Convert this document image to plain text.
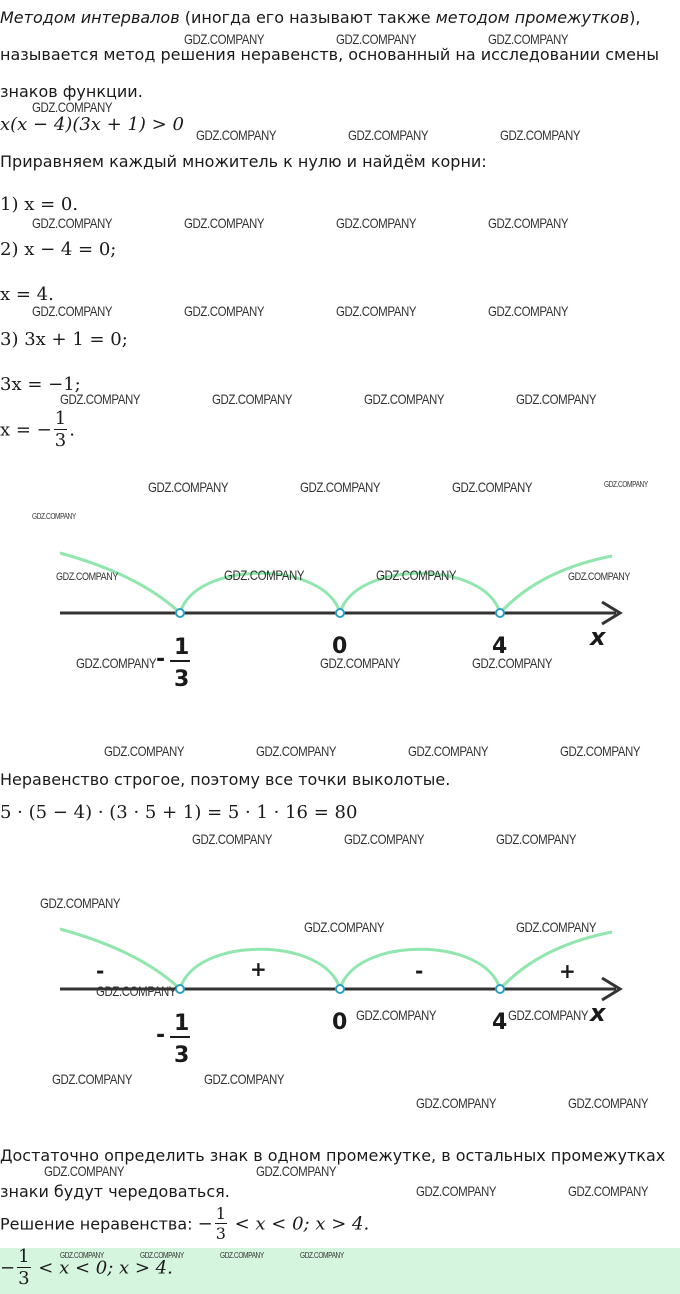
Методом интервалов (иногда его называют также методом промежутков),
называется метод решения неравенств, основанный на исследовании смены
знаков функции.
x(x − 4)(3x + 1) > 0
Приравняем каждый множитель к нулю и найдём корни:
1) x = 0.
2) x − 4 = 0;
x = 4.
3) 3x + 1 = 0;
3x = −1;
x = − $\frac{1}{3}$ .
- 1
3
0	4	x
Неравенство строгое, поэтому все точки выколотые.
5 · (5 − 4) · (3 · 5 + 1) = 5 · 1 · 16 = 80
-	+	-	+
- 1
3
0	4	x
Достаточно определить знак в одном промежутке, в остальных промежутках
знаки будут чередоваться.
Решение неравенства: − $\frac{1}{3} < x < 0$; x > 4.
− $\frac{1}{3} < x < 0$; x > 4.
GDZ.COMPANY	GDZ.COMPANY	GDZ.COMPANY
GDZ.COMPANY
GDZ.COMPANY	GDZ.COMPANY	GDZ.COMPANY
GDZ.COMPANY	GDZ.COMPANY	GDZ.COMPANY	GDZ.COMPANY
GDZ.COMPANY	GDZ.COMPANY	GDZ.COMPANY	GDZ.COMPANY
GDZ.COMPANY	GDZ.COMPANY	GDZ.COMPANY	GDZ.COMPANY
GDZ.COMPANY	GDZ.COMPANY	GDZ.COMPANY	GDZ.COMPANY
GDZ.COMPANY
GDZ.COMPANY	GDZ.COMPANY	GDZ.COMPANY	GDZ.COMPANY
GDZ.COMPANY	GDZ.COMPANY	GDZ.COMPANY
GDZ.COMPANY	GDZ.COMPANY	GDZ.COMPANY	GDZ.COMPANY
GDZ.COMPANY	GDZ.COMPANY	GDZ.COMPANY
GDZ.COMPANY
GDZ.COMPANY	GDZ.COMPANY
GDZ.COMPANY
GDZ.COMPANY	GDZ.COMPANY
GDZ.COMPANY	GDZ.COMPANY
GDZ.COMPANY	GDZ.COMPANY
GDZ.COMPANY	GDZ.COMPANY
GDZ.COMPANY	GDZ.COMPANY
GDZ.COMPANY	GDZ.COMPANY	GDZ.COMPANY	GDZ.COMPANY
